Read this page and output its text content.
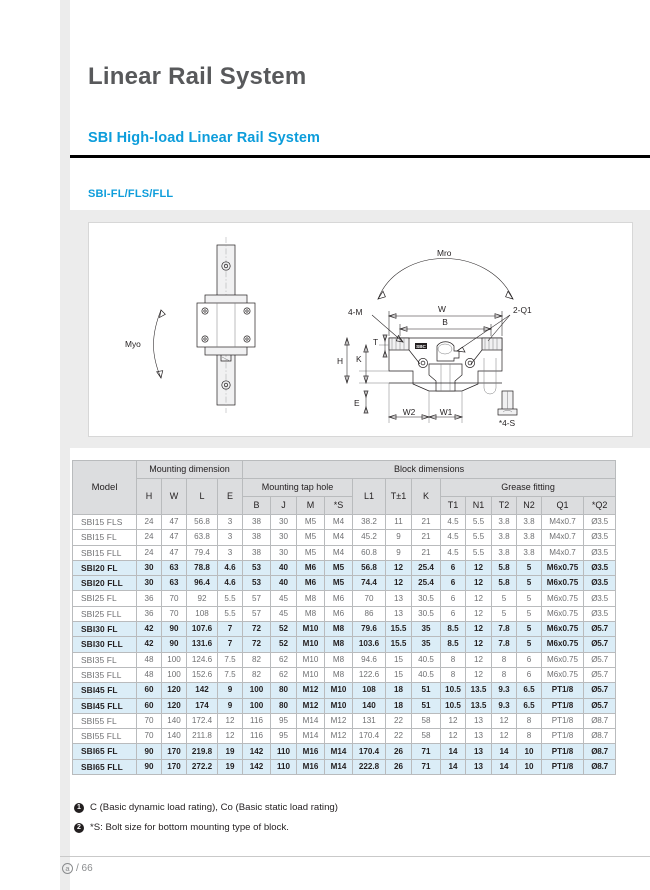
Linear Rail System
SBI High-load Linear Rail System
SBI-FL/FLS/FLL
Myo
Mro
SBC
4-M	2-Q1
W
B
H K
T
E
W2	W1
*4-S
Model	Mounting dimension				Block dimensions												
	H	W	L	E	Mounting tap hole				L1	T±1	K	Grease fitting					
					B	J	M	*S				T1	N1	T2	N2	Q1	*Q2
SBI15 FLS	24	47	56.8	3	38	30	M5	M4	38.2	11	21	4.5	5.5	3.8	3.8	M4x0.7	Ø3.5
SBI15 FL	24	47	63.8	3	38	30	M5	M4	45.2	9	21	4.5	5.5	3.8	3.8	M4x0.7	Ø3.5
SBI15 FLL	24	47	79.4	3	38	30	M5	M4	60.8	9	21	4.5	5.5	3.8	3.8	M4x0.7	Ø3.5
SBI20 FL	30	63	78.8	4.6	53	40	M6	M5	56.8	12	25.4	6	12	5.8	5	M6x0.75	Ø3.5
SBI20 FLL	30	63	96.4	4.6	53	40	M6	M5	74.4	12	25.4	6	12	5.8	5	M6x0.75	Ø3.5
SBI25 FL	36	70	92	5.5	57	45	M8	M6	70	13	30.5	6	12	5	5	M6x0.75	Ø3.5
SBI25 FLL	36	70	108	5.5	57	45	M8	M6	86	13	30.5	6	12	5	5	M6x0.75	Ø3.5
SBI30 FL	42	90	107.6	7	72	52	M10	M8	79.6	15.5	35	8.5	12	7.8	5	M6x0.75	Ø5.7
SBI30 FLL	42	90	131.6	7	72	52	M10	M8	103.6	15.5	35	8.5	12	7.8	5	M6x0.75	Ø5.7
SBI35 FL	48	100	124.6	7.5	82	62	M10	M8	94.6	15	40.5	8	12	8	6	M6x0.75	Ø5.7
SBI35 FLL	48	100	152.6	7.5	82	62	M10	M8	122.6	15	40.5	8	12	8	6	M6x0.75	Ø5.7
SBI45 FL	60	120	142	9	100	80	M12	M10	108	18	51	10.5	13.5	9.3	6.5	PT1/8	Ø5.7
SBI45 FLL	60	120	174	9	100	80	M12	M10	140	18	51	10.5	13.5	9.3	6.5	PT1/8	Ø5.7
SBI55 FL	70	140	172.4	12	116	95	M14	M12	131	22	58	12	13	12	8	PT1/8	Ø8.7
SBI55 FLL	70	140	211.8	12	116	95	M14	M12	170.4	22	58	12	13	12	8	PT1/8	Ø8.7
SBI65 FL	90	170	219.8	19	142	110	M16	M14	170.4	26	71	14	13	14	10	PT1/8	Ø8.7
SBI65 FLL	90	170	272.2	19	142	110	M16	M14	222.8	26	71	14	13	14	10	PT1/8	Ø8.7
1 C (Basic dynamic load rating), Co (Basic static load rating)
2 *S: Bolt size for bottom mounting type of block.
a / 66
